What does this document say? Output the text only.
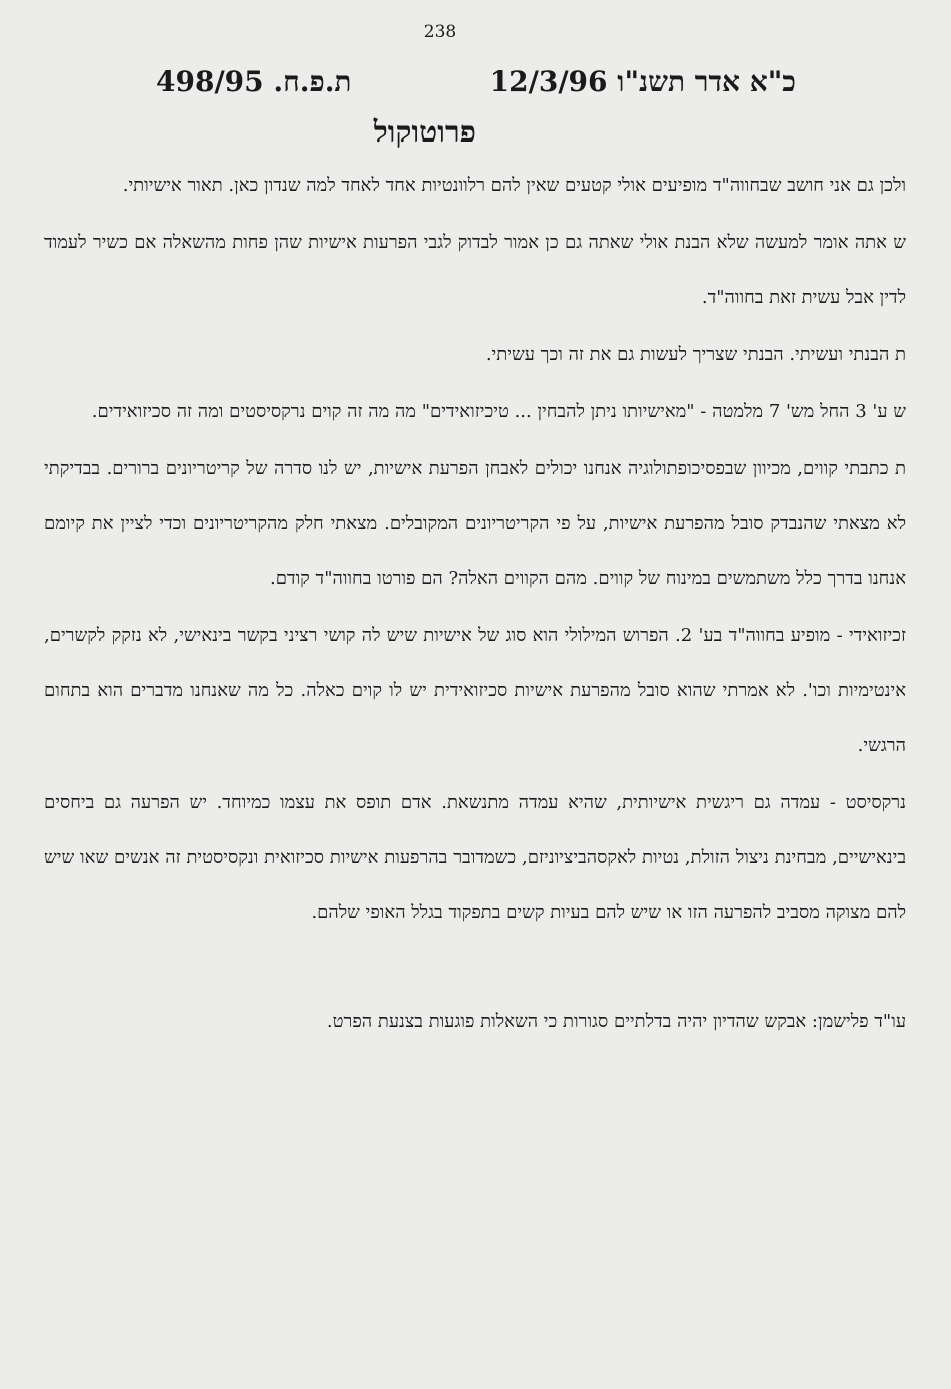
238
כ"א אדר תשנ"ו 12/3/96
ת.פ.ח. 498/95
פרוטוקול

ולכן גם אני חושב שבחווה"ד מופיעים אולי קטעים שאין להם רלוונטיות אחד לאחד למה שנדון כאן. תאור אישיותי.

ש אתה אומר למעשה שלא הבנת אולי שאתה גם כן אמור לבדוק לגבי הפרעות אישיות שהן פחות מהשאלה אם כשיר לעמוד לדין אבל עשית זאת בחווה"ד.

ת הבנתי ועשיתי. הבנתי שצריך לעשות גם את זה וכך עשיתי.

ש ע' 3 החל מש' 7 מלמטה - "מאישיותו ניתן להבחין ... טיכיזואידים" מה מה זה קוים נרקסיסטים ומה זה סכיזואידים.

ת כתבתי קווים, מכיוון שבפסיכופתולוגיה אנחנו יכולים לאבחן הפרעת אישיות, יש לנו סדרה של קריטריונים ברורים. בבדיקתי לא מצאתי שהנבדק סובל מהפרעת אישיות, על פי הקריטריונים המקובלים. מצאתי חלק מהקריטריונים וכדי לציין את קיומם אנחנו בדרך כלל משתמשים במינוח של קווים. מהם הקווים האלה? הם פורטו בחווה"ד קודם.

זכיזואידי - מופיע בחווה"ד בע' 2. הפרוש המילולי הוא סוג של אישיות שיש לה קושי רציני בקשר בינאישי, לא נזקק לקשרים, אינטימיות וכו'. לא אמרתי שהוא סובל מהפרעת אישיות סכיזואידית יש לו קוים כאלה. כל מה שאנחנו מדברים הוא בתחום הרגשי.

נרקסיסט - עמדה גם ריגשית אישיותית, שהיא עמדה מתנשאת. אדם תופס את עצמו כמיוחד. יש הפרעה גם ביחסים בינאישיים, מבחינת ניצול הזולת, נטיות לאקסהביציוניזם, כשמדובר בהרפעות אישיות סכיזואית ונקסיסטית זה אנשים שאו שיש להם מצוקה מסביב להפרעה הזו או שיש להם בעיות קשים בתפקוד בגלל האופי שלהם.

עו"ד פלישמן: אבקש שהדיון יהיה בדלתיים סגורות כי השאלות פוגעות בצנעת הפרט.
